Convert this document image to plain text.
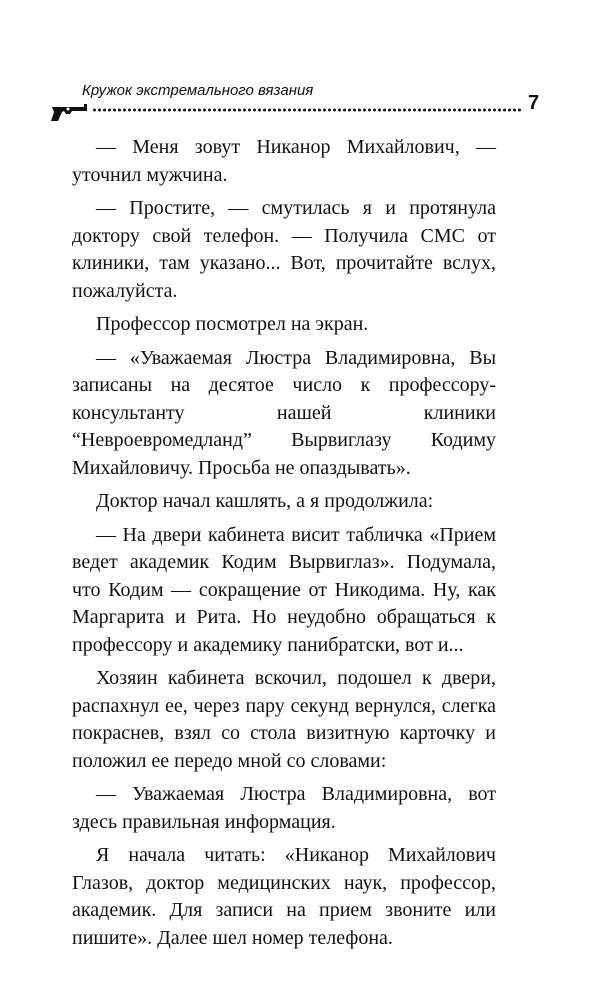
Кружок экстремального вязания
7

— Меня зовут Никанор Михайлович, — уточнил мужчина.

— Простите, — смутилась я и протянула доктору свой телефон. — Получила СМС от клиники, там указано... Вот, прочитайте вслух, пожалуйста.

Профессор посмотрел на экран.

— «Уважаемая Люстра Владимировна, Вы записаны на десятое число к профессору-консультанту нашей клиники “Невроевромедланд” Вырвиглазу Кодиму Михайловичу. Просьба не опаздывать».

Доктор начал кашлять, а я продолжила:

— На двери кабинета висит табличка «Прием ведет академик Кодим Вырвиглаз». Подумала, что Кодим — сокращение от Никодима. Ну, как Маргарита и Рита. Но неудобно обращаться к профессору и академику панибратски, вот и...

Хозяин кабинета вскочил, подошел к двери, распахнул ее, через пару секунд вернулся, слегка покраснев, взял со стола визитную карточку и положил ее передо мной со словами:

— Уважаемая Люстра Владимировна, вот здесь правильная информация.

Я начала читать: «Никанор Михайлович Глазов, доктор медицинских наук, профессор, академик. Для записи на прием звоните или пишите». Далее шел номер телефона.
